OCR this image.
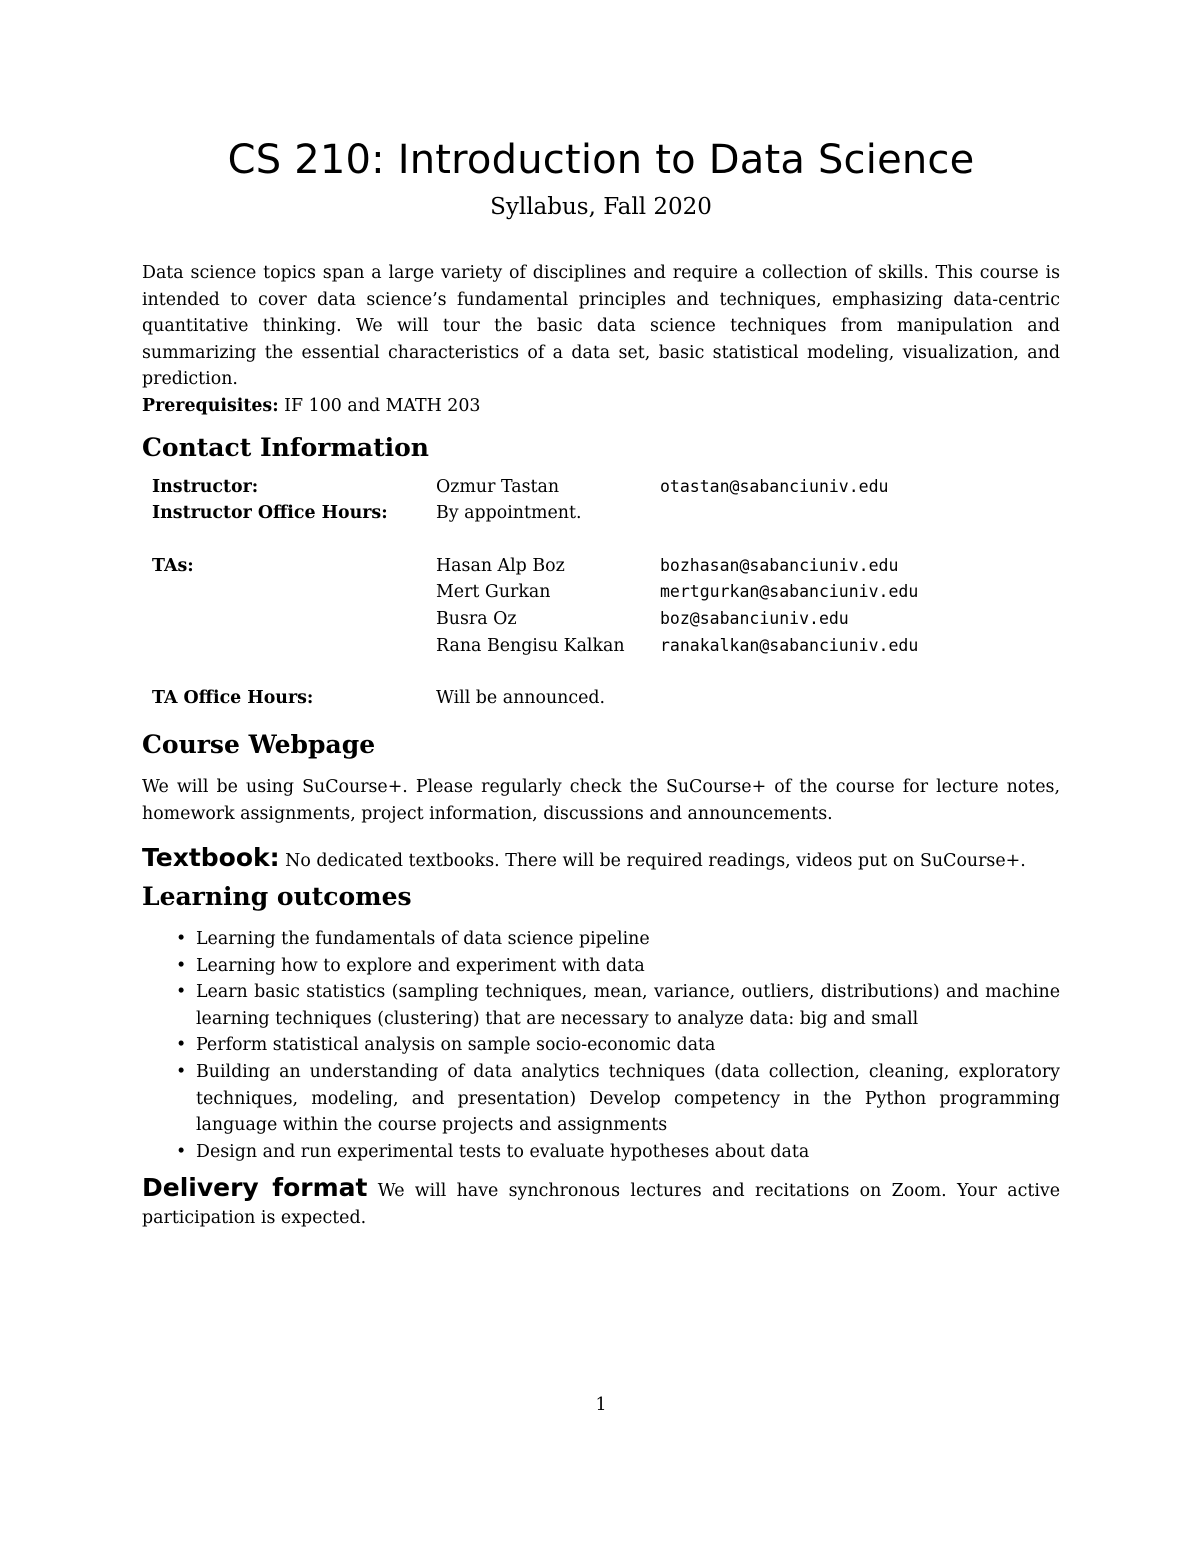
CS 210: Introduction to Data Science
Syllabus, Fall 2020

Data science topics span a large variety of disciplines and require a collection of skills. This course is intended to cover data science’s fundamental principles and techniques, emphasizing data-centric quantitative thinking. We will tour the basic data science techniques from manipulation and summarizing the essential characteristics of a data set, basic statistical modeling, visualization, and prediction.

Prerequisites: IF 100 and MATH 203

Contact Information
Instructor:	Ozmur Tastan	otastan@sabanciuniv.edu
Instructor Office Hours:	By appointment.
TAs:	Hasan Alp Boz	bozhasan@sabanciuniv.edu
Mert Gurkan	mertgurkan@sabanciuniv.edu
Busra Oz	boz@sabanciuniv.edu
Rana Bengisu Kalkan ranakalkan@sabanciuniv.edu
TA Office Hours:	Will be announced.
Course Webpage

We will be using SuCourse+. Please regularly check the SuCourse+ of the course for lecture notes, homework assignments, project information, discussions and announcements.

Textbook: No dedicated textbooks. There will be required readings, videos put on SuCourse+.

Learning outcomes
• Learning the fundamentals of data science pipeline
• Learning how to explore and experiment with data
• Learn basic statistics (sampling techniques, mean, variance, outliers, distributions) and machine learning techniques (clustering) that are necessary to analyze data: big and small
• Perform statistical analysis on sample socio-economic data
• Building an understanding of data analytics techniques (data collection, cleaning, exploratory techniques, modeling, and presentation) Develop competency in the Python programming language within the course projects and assignments
• Design and run experimental tests to evaluate hypotheses about data

Delivery format We will have synchronous lectures and recitations on Zoom. Your active participation is expected.

1
